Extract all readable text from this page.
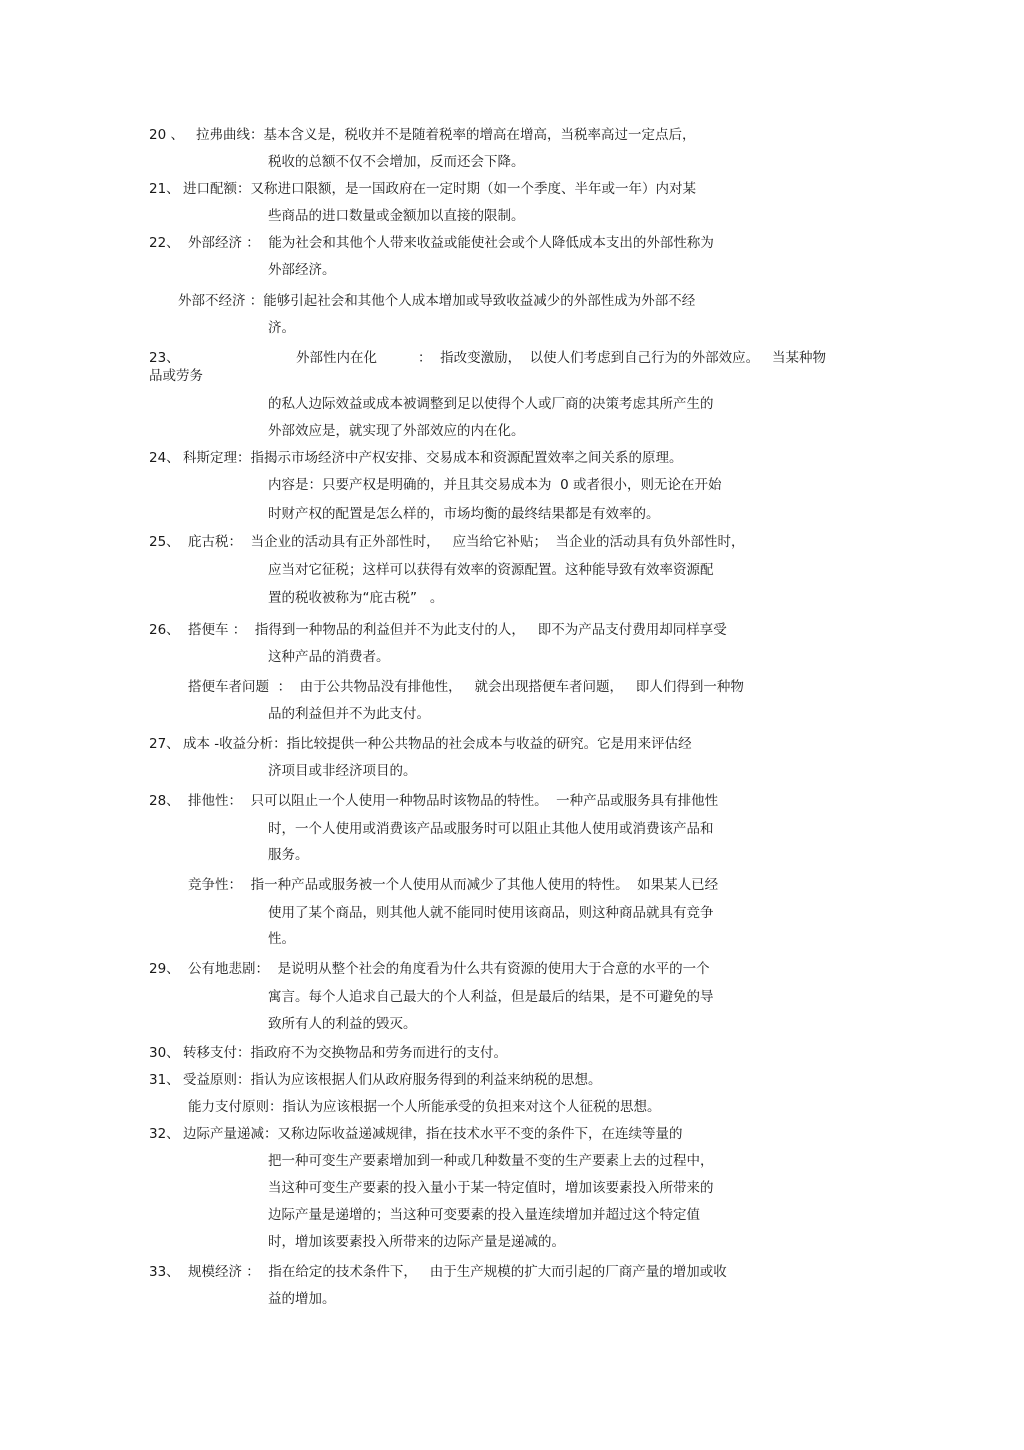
20 、 拉弗曲线：基本含义是，税收并不是随着税率的增高在增高，当税率高过一定点后，
税收的总额不仅不会增加，反而还会下降。
21、 进口配额：又称进口限额，是一国政府在一定时期（如一个季度、半年或一年）内对某
些商品的进口数量或金额加以直接的限制。
22、 外部经济 ：  能为社会和其他个人带来收益或能使社会或个人降低成本支出的外部性称为
外部经济。
外部不经济 ：能够引起社会和其他个人成本增加或导致收益减少的外部性成为外部不经
济。
23、	外部性内在化	：  指改变激励，  以使人们考虑到自己行为的外部效应。   当某种物
品或劳务
的私人边际效益或成本被调整到足以使得个人或厂商的决策考虑其所产生的
外部效应是，就实现了外部效应的内在化。
24、 科斯定理：指揭示市场经济中产权安排、交易成本和资源配置效率之间关系的原理。
内容是：只要产权是明确的，并且其交易成本为  0 或者很小，则无论在开始
时财产权的配置是怎么样的，市场均衡的最终结果都是有效率的。
25、 庇古税：  当企业的活动具有正外部性时，   应当给它补贴；  当企业的活动具有负外部性时，
应当对它征税；这样可以获得有效率的资源配置。这种能导致有效率资源配
置的税收被称为“庇古税”   。
26、 搭便车 ：  指得到一种物品的利益但并不为此支付的人，   即不为产品支付费用却同样享受
这种产品的消费者。
搭便车者问题  ：  由于公共物品没有排他性，   就会出现搭便车者问题，   即人们得到一种物
品的利益但并不为此支付。
27、 成本 -收益分析：指比较提供一种公共物品的社会成本与收益的研究。它是用来评估经
济项目或非经济项目的。
28、 排他性：  只可以阻止一个人使用一种物品时该物品的特性。  一种产品或服务具有排他性
时，一个人使用或消费该产品或服务时可以阻止其他人使用或消费该产品和
服务。
竞争性：  指一种产品或服务被一个人使用从而减少了其他人使用的特性。  如果某人已经
使用了某个商品，则其他人就不能同时使用该商品，则这种商品就具有竞争
性。
29、 公有地悲剧：  是说明从整个社会的角度看为什么共有资源的使用大于合意的水平的一个
寓言。每个人追求自己最大的个人利益，但是最后的结果，是不可避免的导
致所有人的利益的毁灭。
30、 转移支付：指政府不为交换物品和劳务而进行的支付。
31、 受益原则：指认为应该根据人们从政府服务得到的利益来纳税的思想。
能力支付原则：指认为应该根据一个人所能承受的负担来对这个人征税的思想。
32、 边际产量递减：又称边际收益递减规律，指在技术水平不变的条件下，在连续等量的
把一种可变生产要素增加到一种或几种数量不变的生产要素上去的过程中，
当这种可变生产要素的投入量小于某一特定值时，增加该要素投入所带来的
边际产量是递增的；当这种可变要素的投入量连续增加并超过这个特定值
时，增加该要素投入所带来的边际产量是递减的。
33、 规模经济 ：  指在给定的技术条件下，   由于生产规模的扩大而引起的厂商产量的增加或收
益的增加。
